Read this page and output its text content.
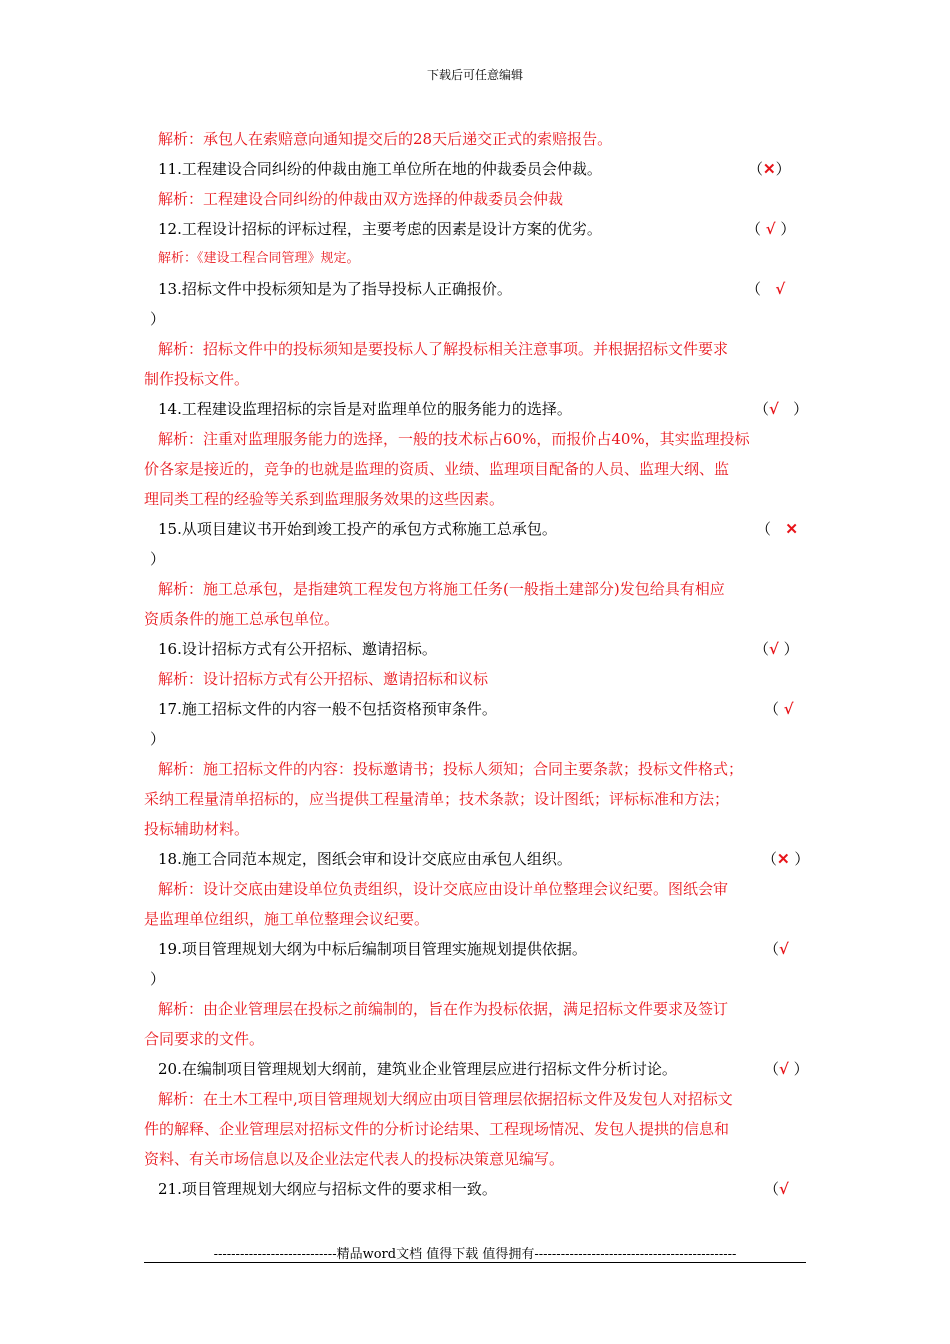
下载后可任意编辑
解析：承包人在索赔意向通知提交后的28天后递交正式的索赔报告。
11.工程建设合同纠纷的仲裁由施工单位所在地的仲裁委员会仲裁。	（✕）
解析：工程建设合同纠纷的仲裁由双方选择的仲裁委员会仲裁
12.工程设计招标的评标过程，主要考虑的因素是设计方案的优劣。	（ √ ）
解析：《建设工程合同管理》规定。
13.招标文件中投标须知是为了指导投标人正确报价。	（   √
）
解析：招标文件中的投标须知是要投标人了解投标相关注意事项。并根据招标文件要求
制作投标文件。
14.工程建设监理招标的宗旨是对监理单位的服务能力的选择。	（√   ）
解析：注重对监理服务能力的选择，一般的技术标占60%，而报价占40%，其实监理投标
价各家是接近的，竞争的也就是监理的资质、业绩、监理项目配备的人员、监理大纲、监
理同类工程的经验等关系到监理服务效果的这些因素。
15.从项目建议书开始到竣工投产的承包方式称施工总承包。	（   ✕
）
解析：施工总承包，是指建筑工程发包方将施工任务(一般指土建部分)发包给具有相应
资质条件的施工总承包单位。
16.设计招标方式有公开招标、邀请招标。	（√ ）
解析：设计招标方式有公开招标、邀请招标和议标
17.施工招标文件的内容一般不包括资格预审条件。	（ √
）
解析：施工招标文件的内容：投标邀请书；投标人须知；合同主要条款；投标文件格式；
采纳工程量清单招标的，应当提供工程量清单；技术条款；设计图纸；评标标准和方法；
投标辅助材料。
18.施工合同范本规定，图纸会审和设计交底应由承包人组织。	（✕ ）
解析：设计交底由建设单位负责组织，设计交底应由设计单位整理会议纪要。图纸会审
是监理单位组织，施工单位整理会议纪要。
19.项目管理规划大纲为中标后编制项目管理实施规划提供依据。	（√
）
解析：由企业管理层在投标之前编制的，旨在作为投标依据，满足招标文件要求及签订
合同要求的文件。
20.在编制项目管理规划大纲前，建筑业企业管理层应进行招标文件分析讨论。	（√ ）
解析：在土木工程中,项目管理规划大纲应由项目管理层依据招标文件及发包人对招标文
件的解释、企业管理层对招标文件的分析讨论结果、工程现场情况、发包人提拱的信息和
资料、有关市场信息以及企业法定代表人的投标决策意见编写。
21.项目管理规划大纲应与招标文件的要求相一致。	（√
----------------------------精品word文档 值得下载 值得拥有----------------------------------------------
